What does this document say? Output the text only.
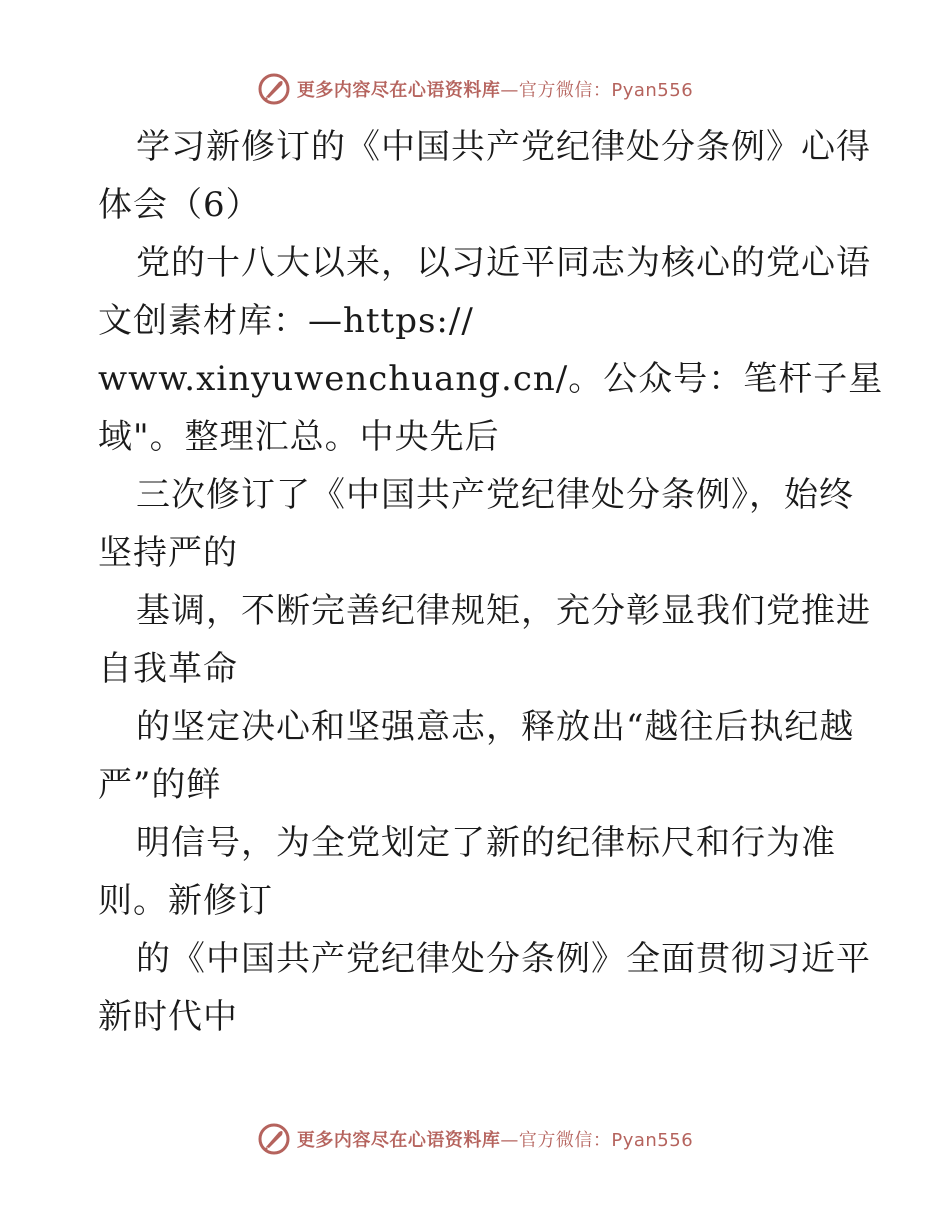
更多内容尽在心语资料库—官方微信：Pyan556
学习新修订的《中国共产党纪律处分条例》心得
体会（6）
党的十八大以来，以习近平同志为核心的党心语
文创素材库：—https://
www.xinyuwenchuang.cn/。公众号：笔杆子星
域"。整理汇总。中央先后
三次修订了《中国共产党纪律处分条例》，始终
坚持严的
基调，不断完善纪律规矩，充分彰显我们党推进
自我革命
的坚定决心和坚强意志，释放出“越往后执纪越
严”的鲜
明信号，为全党划定了新的纪律标尺和行为准
则。新修订
的《中国共产党纪律处分条例》全面贯彻习近平
新时代中
更多内容尽在心语资料库—官方微信：Pyan556
